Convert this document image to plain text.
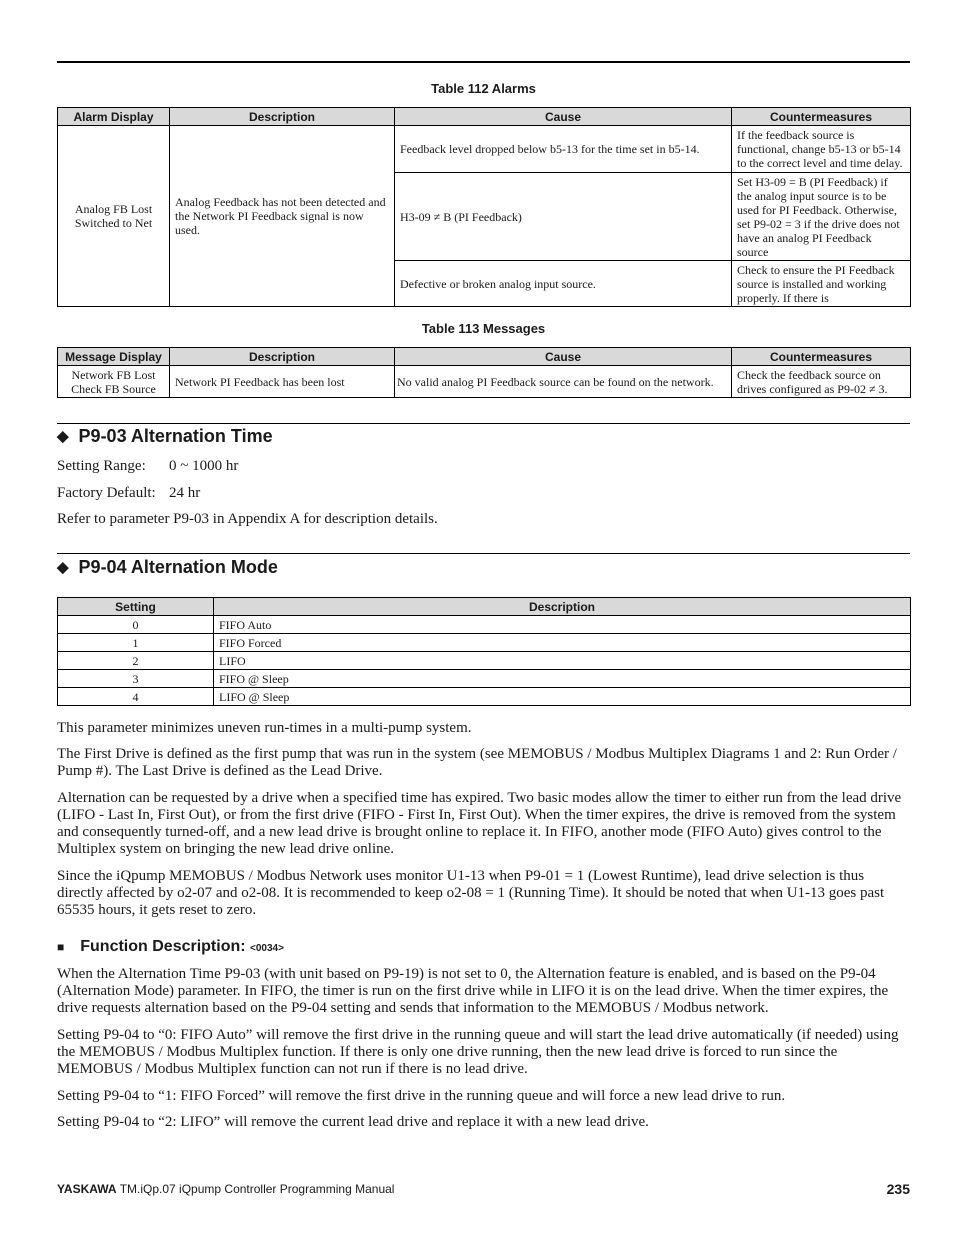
Table 112 Alarms
Alarm Display	Description	Cause	Countermeasures
Analog FB Lost Switched to Net	Analog Feedback has not been detected and the Network PI Feedback signal is now used.	Feedback level dropped below b5-13 for the time set in b5-14.	If the feedback source is functional, change b5-13 or b5-14 to the correct level and time delay.
		H3-09 ≠ B (PI Feedback)	Set H3-09 = B (PI Feedback) if the analog input source is to be used for PI Feedback. Otherwise, set P9-02 = 3 if the drive does not have an analog PI Feedback source
		Defective or broken analog input source.	Check to ensure the PI Feedback source is installed and working properly. If there is
Table 113 Messages
Message Display	Description	Cause	Countermeasures
Network FB Lost Check FB Source	Network PI Feedback has been lost	No valid analog PI Feedback source can be found on the network.	Check the feedback source on drives configured as P9-02 ≠ 3.
◆ P9-03 Alternation Time
Setting Range: 0 ~ 1000 hr
Factory Default: 24 hr
Refer to parameter P9-03 in Appendix A for description details.
◆ P9-04 Alternation Mode
Setting	Description
0	FIFO Auto
1	FIFO Forced
2	LIFO
3	FIFO @ Sleep
4	LIFO @ Sleep
This parameter minimizes uneven run-times in a multi-pump system.
The First Drive is defined as the first pump that was run in the system (see MEMOBUS / Modbus Multiplex Diagrams 1 and 2: Run Order / Pump #). The Last Drive is defined as the Lead Drive.
Alternation can be requested by a drive when a specified time has expired. Two basic modes allow the timer to either run from the lead drive (LIFO - Last In, First Out), or from the first drive (FIFO - First In, First Out). When the timer expires, the drive is removed from the system and consequently turned-off, and a new lead drive is brought online to replace it. In FIFO, another mode (FIFO Auto) gives control to the Multiplex system on bringing the new lead drive online.
Since the iQpump MEMOBUS / Modbus Network uses monitor U1-13 when P9-01 = 1 (Lowest Runtime), lead drive selection is thus directly affected by o2-07 and o2-08. It is recommended to keep o2-08 = 1 (Running Time). It should be noted that when U1-13 goes past 65535 hours, it gets reset to zero.
■ Function Description: <0034>
When the Alternation Time P9-03 (with unit based on P9-19) is not set to 0, the Alternation feature is enabled, and is based on the P9-04 (Alternation Mode) parameter. In FIFO, the timer is run on the first drive while in LIFO it is on the lead drive. When the timer expires, the drive requests alternation based on the P9-04 setting and sends that information to the MEMOBUS / Modbus network.
Setting P9-04 to “0: FIFO Auto” will remove the first drive in the running queue and will start the lead drive automatically (if needed) using the MEMOBUS / Modbus Multiplex function. If there is only one drive running, then the new lead drive is forced to run since the MEMOBUS / Modbus Multiplex function can not run if there is no lead drive.
Setting P9-04 to “1: FIFO Forced” will remove the first drive in the running queue and will force a new lead drive to run.
Setting P9-04 to “2: LIFO” will remove the current lead drive and replace it with a new lead drive.
YASKAWA TM.iQp.07 iQpump Controller Programming Manual	235
